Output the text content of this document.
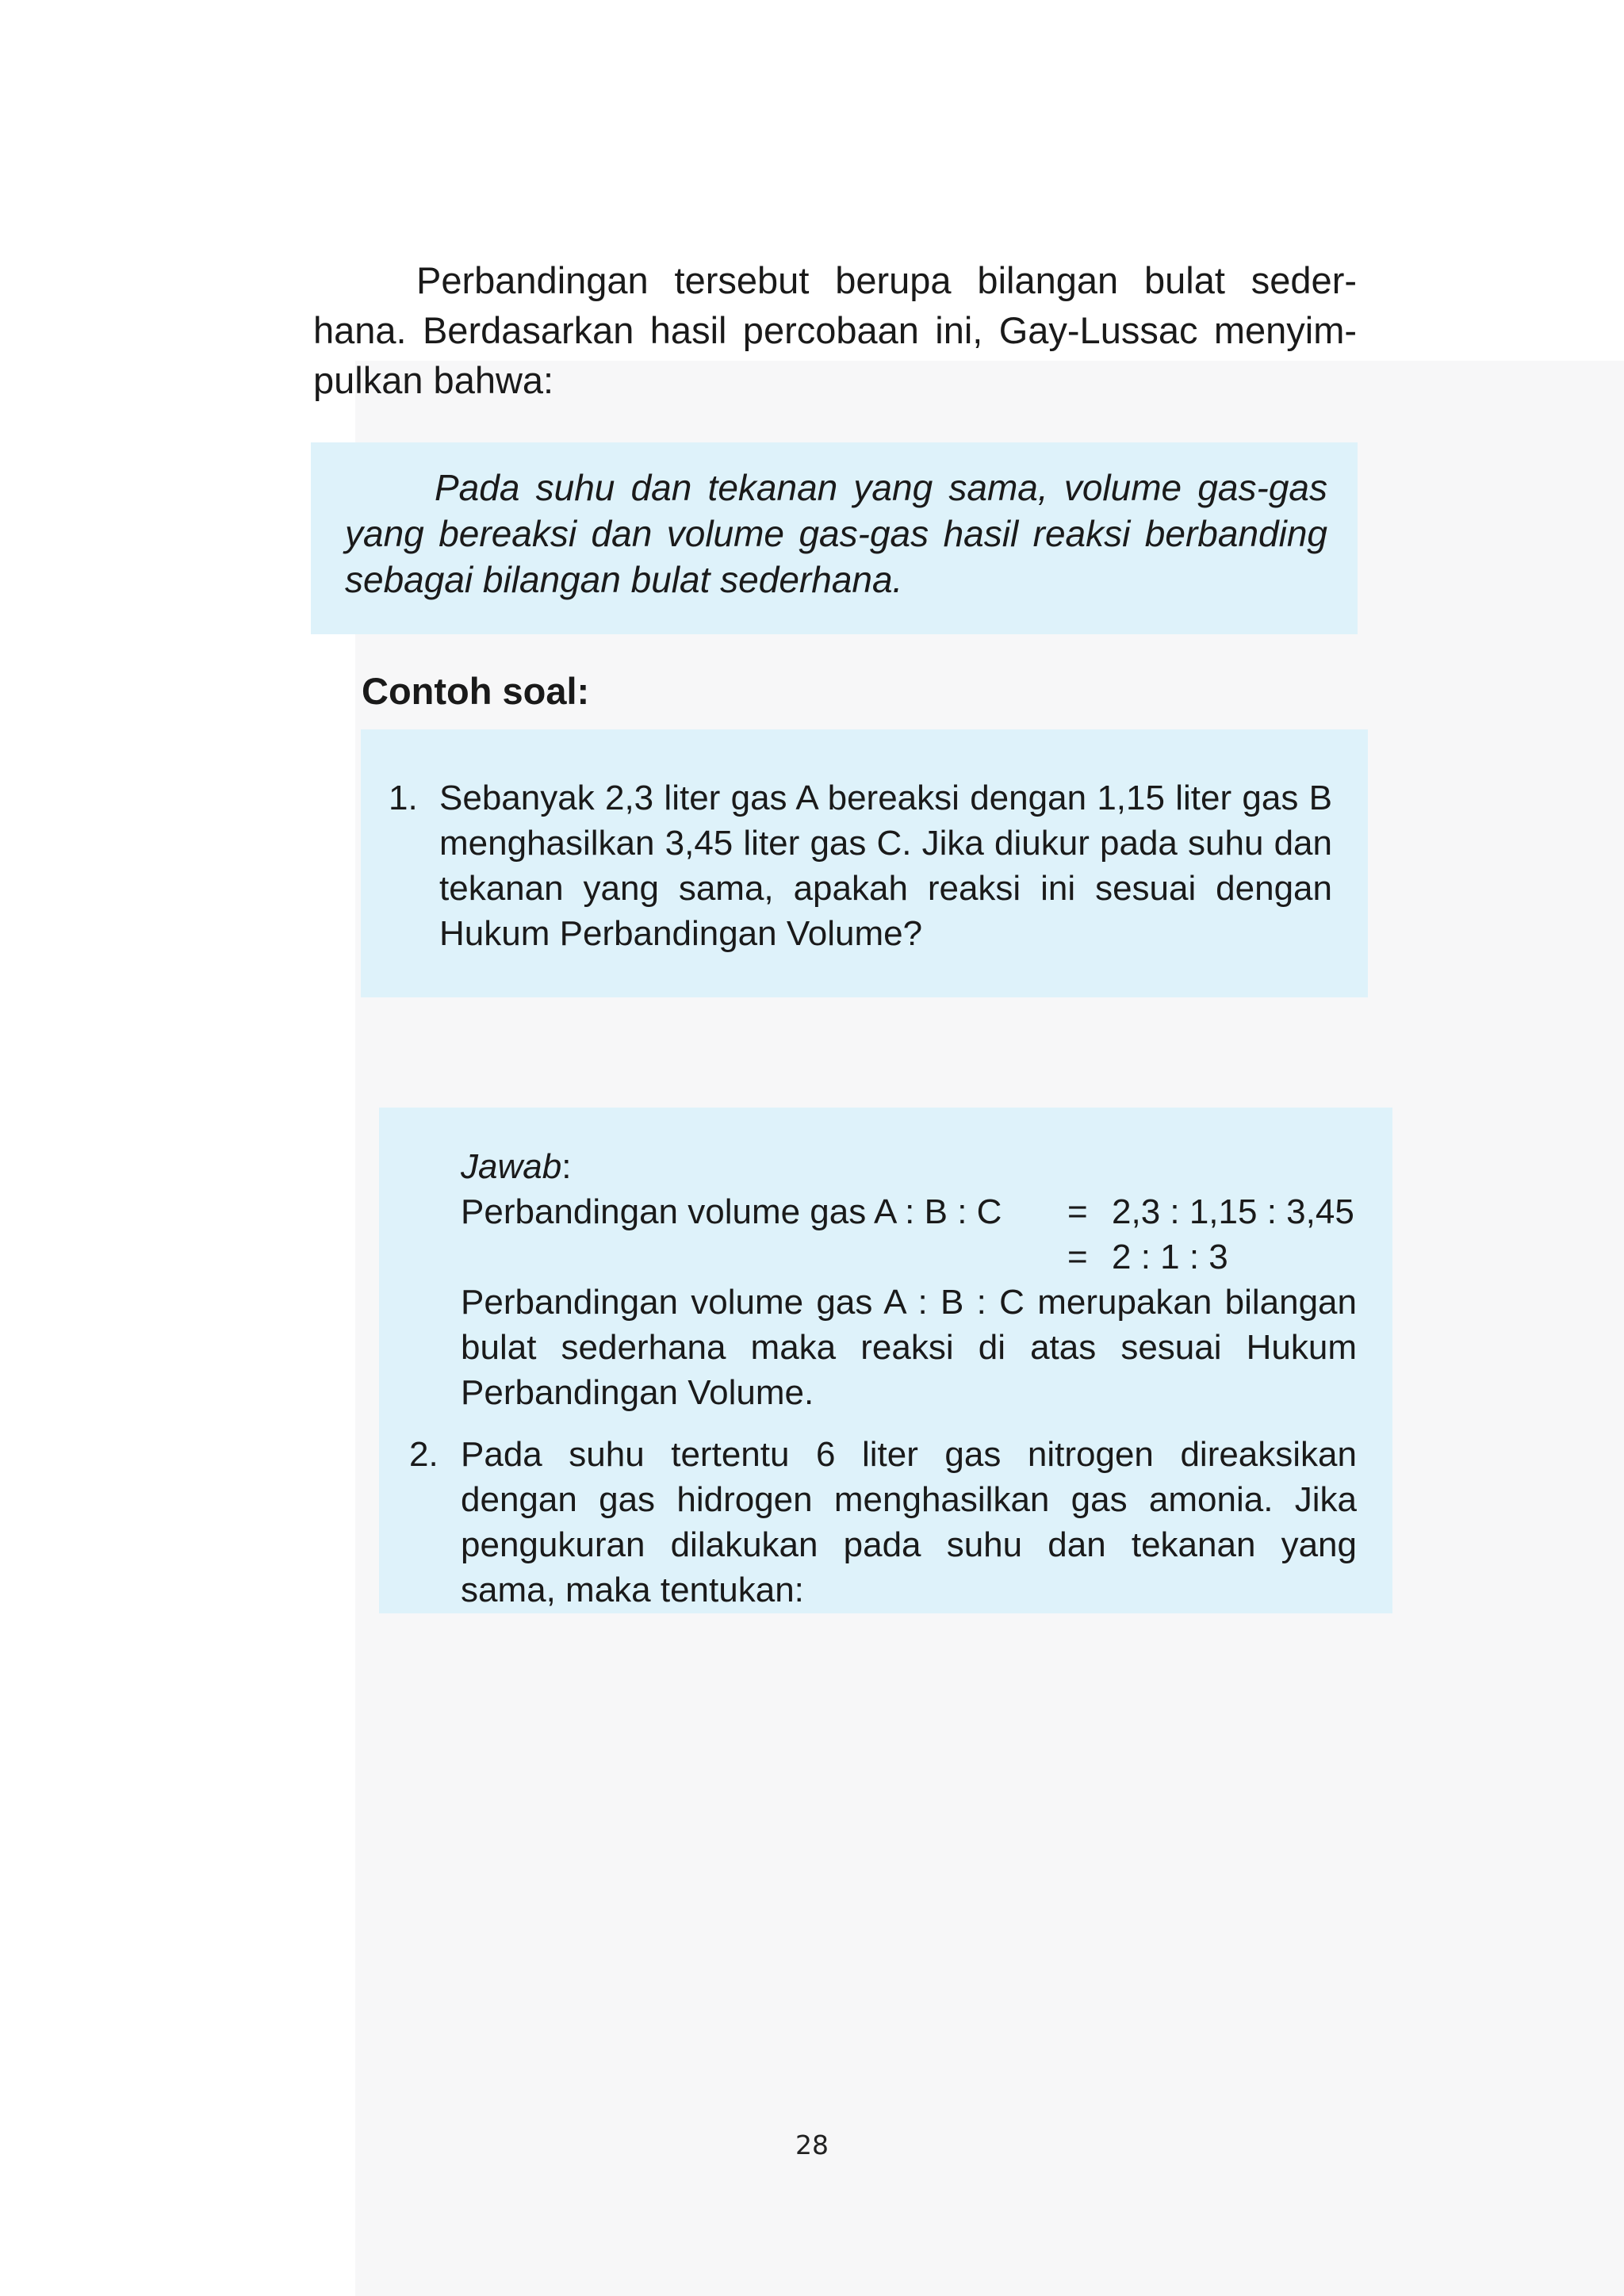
Perbandingan tersebut berupa bilangan bulat seder-hana. Berdasarkan hasil percobaan ini, Gay-Lussac menyim-pulkan bahwa:

Pada suhu dan tekanan yang sama, volume gas-gas yang bereaksi dan volume gas-gas hasil reaksi berbanding sebagai bilangan bulat sederhana.

Contoh soal:
1. Sebanyak 2,3 liter gas A bereaksi dengan 1,15 liter gas B menghasilkan 3,45 liter gas C. Jika diukur pada suhu dan tekanan yang sama, apakah reaksi ini sesuai dengan Hukum Perbandingan Volume?

Jawab:

Perbandingan volume gas A : B : C	= 2,3 : 1,15 : 3,45
= 2 : 1 : 3

Perbandingan volume gas A : B : C merupakan bilangan bulat sederhana maka reaksi di atas sesuai Hukum Perbandingan Volume.

2. Pada suhu tertentu 6 liter gas nitrogen direaksikan dengan gas hidrogen menghasilkan gas amonia. Jika pengukuran dilakukan pada suhu dan tekanan yang sama, maka tentukan:

28
